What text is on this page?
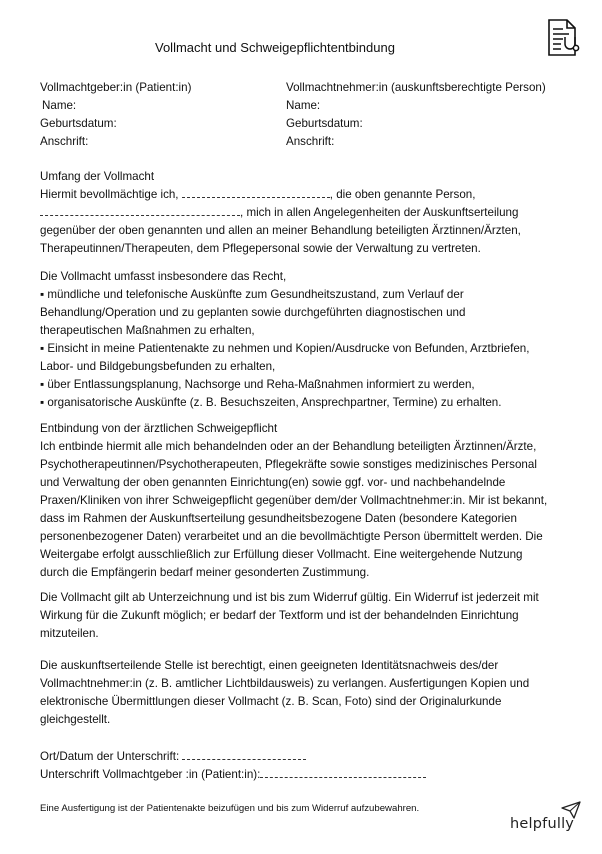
Vollmacht und Schweigepflichtentbindung
Vollmachtgeber:in (Patient:in)
Name:
Geburtsdatum:
Anschrift:
Vollmachtnehmer:in (auskunftsberechtigte Person)
Name:
Geburtsdatum:
Anschrift:
Umfang der Vollmacht
Hiermit bevollmächtige ich,	, die oben genannte Person,
, mich in allen Angelegenheiten der Auskunftserteilung
gegenüber der oben genannten und allen an meiner Behandlung beteiligten Ärztinnen/Ärzten,
Therapeutinnen/Therapeuten, dem Pflegepersonal sowie der Verwaltung zu vertreten.
Die Vollmacht umfasst insbesondere das Recht,
▪ mündliche und telefonische Auskünfte zum Gesundheitszustand, zum Verlauf der
Behandlung/Operation und zu geplanten sowie durchgeführten diagnostischen und
therapeutischen Maßnahmen zu erhalten,
▪ Einsicht in meine Patientenakte zu nehmen und Kopien/Ausdrucke von Befunden, Arztbriefen,
Labor- und Bildgebungsbefunden zu erhalten,
▪ über Entlassungsplanung, Nachsorge und Reha-Maßnahmen informiert zu werden,
▪ organisatorische Auskünfte (z. B. Besuchszeiten, Ansprechpartner, Termine) zu erhalten.
Entbindung von der ärztlichen Schweigepflicht
Ich entbinde hiermit alle mich behandelnden oder an der Behandlung beteiligten Ärztinnen/Ärzte,
Psychotherapeutinnen/Psychotherapeuten, Pflegekräfte sowie sonstiges medizinisches Personal
und Verwaltung der oben genannten Einrichtung(en) sowie ggf. vor- und nachbehandelnde
Praxen/Kliniken von ihrer Schweigepflicht gegenüber dem/der Vollmachtnehmer:in. Mir ist bekannt,
dass im Rahmen der Auskunftserteilung gesundheitsbezogene Daten (besondere Kategorien
personenbezogener Daten) verarbeitet und an die bevollmächtigte Person übermittelt werden. Die
Weitergabe erfolgt ausschließlich zur Erfüllung dieser Vollmacht. Eine weitergehende Nutzung
durch die Empfängerin bedarf meiner gesonderten Zustimmung.
Die Vollmacht gilt ab Unterzeichnung und ist bis zum Widerruf gültig. Ein Widerruf ist jederzeit mit
Wirkung für die Zukunft möglich; er bedarf der Textform und ist der behandelnden Einrichtung
mitzuteilen.
Die auskunftserteilende Stelle ist berechtigt, einen geeigneten Identitätsnachweis des/der
Vollmachtnehmer:in (z. B. amtlicher Lichtbildausweis) zu verlangen. Ausfertigungen Kopien und
elektronische Übermittlungen dieser Vollmacht (z. B. Scan, Foto) sind der Originalurkunde
gleichgestellt.
Ort/Datum der Unterschrift:
Unterschrift Vollmachtgeber :in (Patient:in):
Eine Ausfertigung ist der Patientenakte beizufügen und bis zum Widerruf aufzubewahren.
helpfully
